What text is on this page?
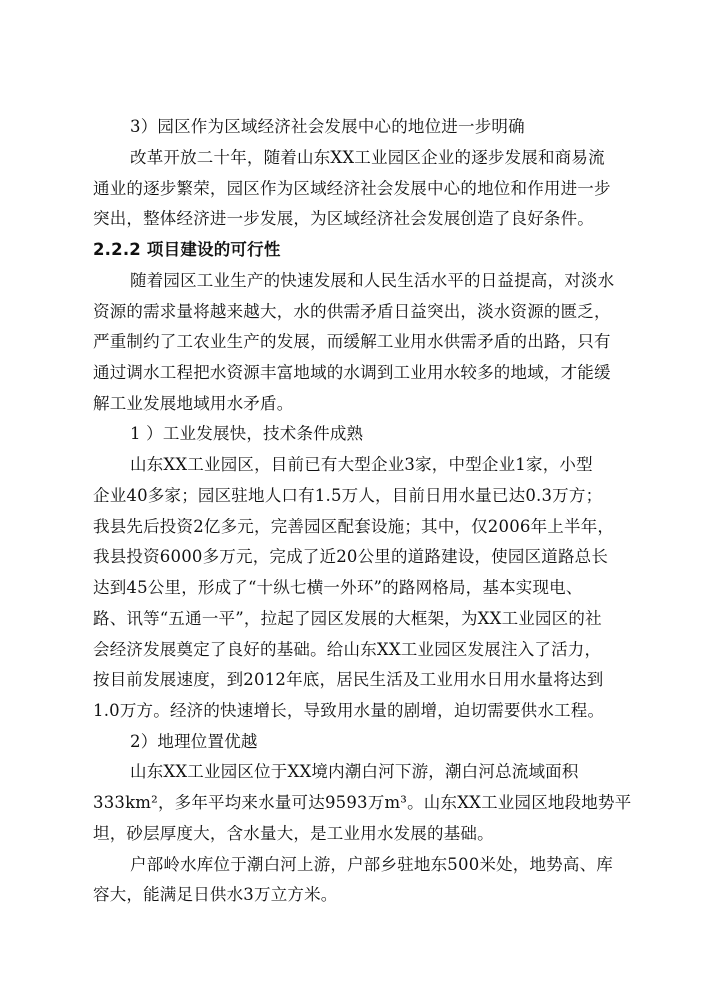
3）园区作为区域经济社会发展中心的地位进一步明确
改革开放二十年，随着山东XX工业园区企业的逐步发展和商易流
通业的逐步繁荣，园区作为区域经济社会发展中心的地位和作用进一步
突出，整体经济进一步发展，为区域经济社会发展创造了良好条件。
2.2.2 项目建设的可行性
随着园区工业生产的快速发展和人民生活水平的日益提高，对淡水
资源的需求量将越来越大，水的供需矛盾日益突出，淡水资源的匮乏，
严重制约了工农业生产的发展，而缓解工业用水供需矛盾的出路，只有
通过调水工程把水资源丰富地域的水调到工业用水较多的地域，才能缓
解工业发展地域用水矛盾。
1 ）工业发展快，技术条件成熟
山东XX工业园区，目前已有大型企业3家，中型企业1家，小型
企业40多家；园区驻地人口有1.5万人，目前日用水量已达0.3万方；
我县先后投资2亿多元，完善园区配套设施；其中，仅2006年上半年，
我县投资6000多万元，完成了近20公里的道路建设，使园区道路总长
达到45公里，形成了“十纵七横一外环”的路网格局，基本实现电、
路、讯等“五通一平”，拉起了园区发展的大框架，为XX工业园区的社
会经济发展奠定了良好的基础。给山东XX工业园区发展注入了活力，
按目前发展速度，到2012年底，居民生活及工业用水日用水量将达到
1.0万方。经济的快速增长，导致用水量的剧增，迫切需要供水工程。
2）地理位置优越
山东XX工业园区位于XX境内潮白河下游，潮白河总流域面积
333km²，多年平均来水量可达9593万m³。山东XX工业园区地段地势平
坦，砂层厚度大，含水量大，是工业用水发展的基础。
户部岭水库位于潮白河上游，户部乡驻地东500米处，地势高、库
容大，能满足日供水3万立方米。
